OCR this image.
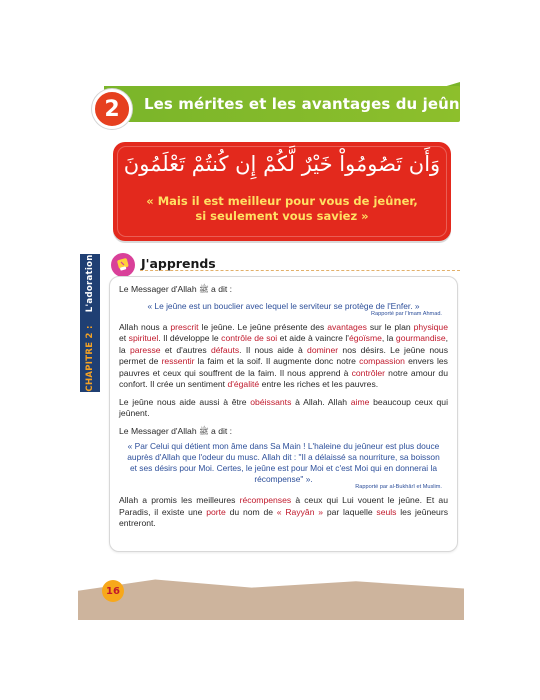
2	Les mérites et les avantages du jeûne
وَأَن تَصُومُواْ خَيْرٌ لَّكُمْ إِن كُنتُمْ تَعْلَمُونَ
« Mais il est meilleur pour vous de jeûner,
si seulement vous saviez »
CHAPITRE 2 :    L'adoration	J'apprends

Le Messager d'Allah ﷺ a dit :

« Le jeûne est un bouclier avec lequel le serviteur se protège de l'Enfer. »
Rapporté par l'Imam Ahmad.

Allah nous a prescrit le jeûne. Le jeûne présente des avantages sur le plan physique et spirituel. Il développe le contrôle de soi et aide à vaincre l'égoïsme, la gourmandise, la paresse et d'autres défauts. Il nous aide à dominer nos désirs. Le jeûne nous permet de ressentir la faim et la soif. Il augmente donc notre compassion envers les pauvres et ceux qui souffrent de la faim. Il nous apprend à contrôler notre amour du confort. Il crée un sentiment d'égalité entre les riches et les pauvres.

Le jeûne nous aide aussi à être obéissants à Allah. Allah aime beaucoup ceux qui jeûnent.

Le Messager d'Allah ﷺ a dit :

« Par Celui qui détient mon âme dans Sa Main ! L'haleine du jeûneur est plus douce auprès d'Allah que l'odeur du musc. Allah dit : "Il a délaissé sa nourriture, sa boisson et ses désirs pour Moi. Certes, le jeûne est pour Moi et c'est Moi qui en donnerai la récompense" ».
Rapporté par al-Bukhârî et Muslim.

Allah a promis les meilleures récompenses à ceux qui Lui vouent le jeûne. Et au Paradis, il existe une porte du nom de « Rayyân » par laquelle seuls les jeûneurs entreront.

16
